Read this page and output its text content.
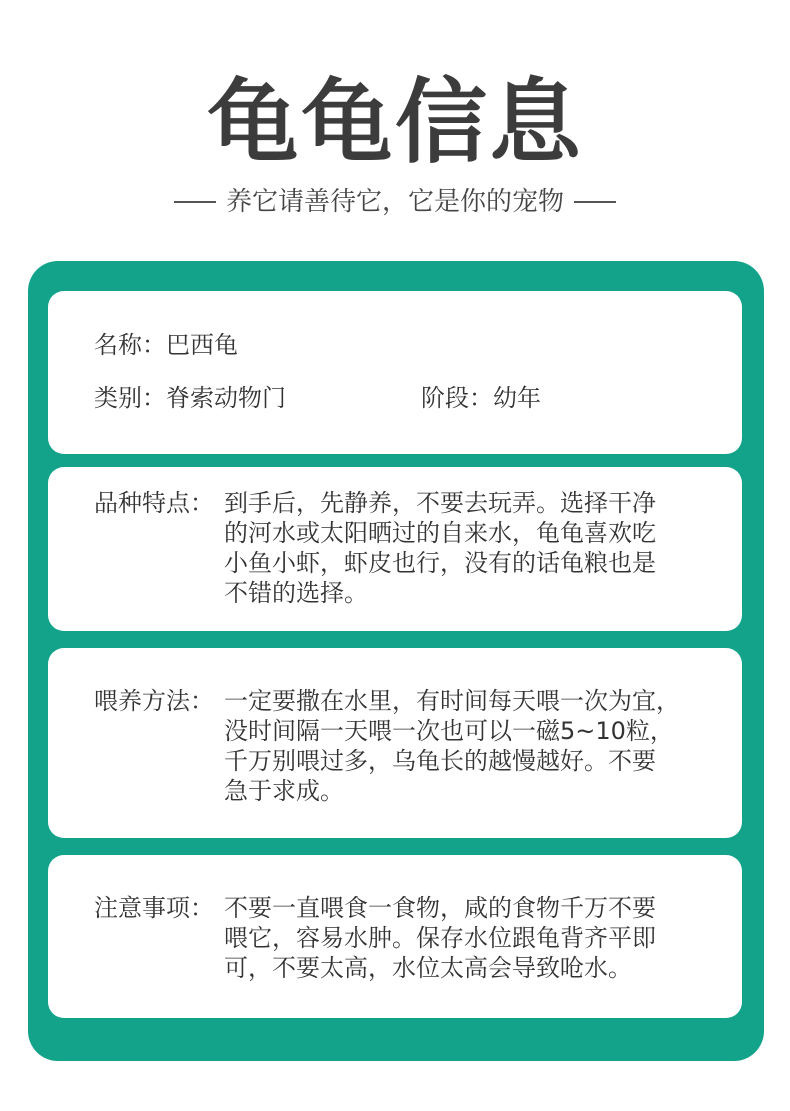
龟龟信息
养它请善待它，它是你的宠物
名称：巴西龟
类别：脊索动物门	阶段：幼年
品种特点： 到手后，先静养，不要去玩弄。选择干净
的河水或太阳晒过的自来水，龟龟喜欢吃
小鱼小虾，虾皮也行，没有的话龟粮也是
不错的选择。
喂养方法： 一定要撒在水里，有时间每天喂一次为宜，
没时间隔一天喂一次也可以一磁5~10粒，
千万别喂过多，乌龟长的越慢越好。不要
急于求成。
注意事项： 不要一直喂食一食物，咸的食物千万不要
喂它，容易水肿。保存水位跟龟背齐平即
可，不要太高，水位太高会导致呛水。
